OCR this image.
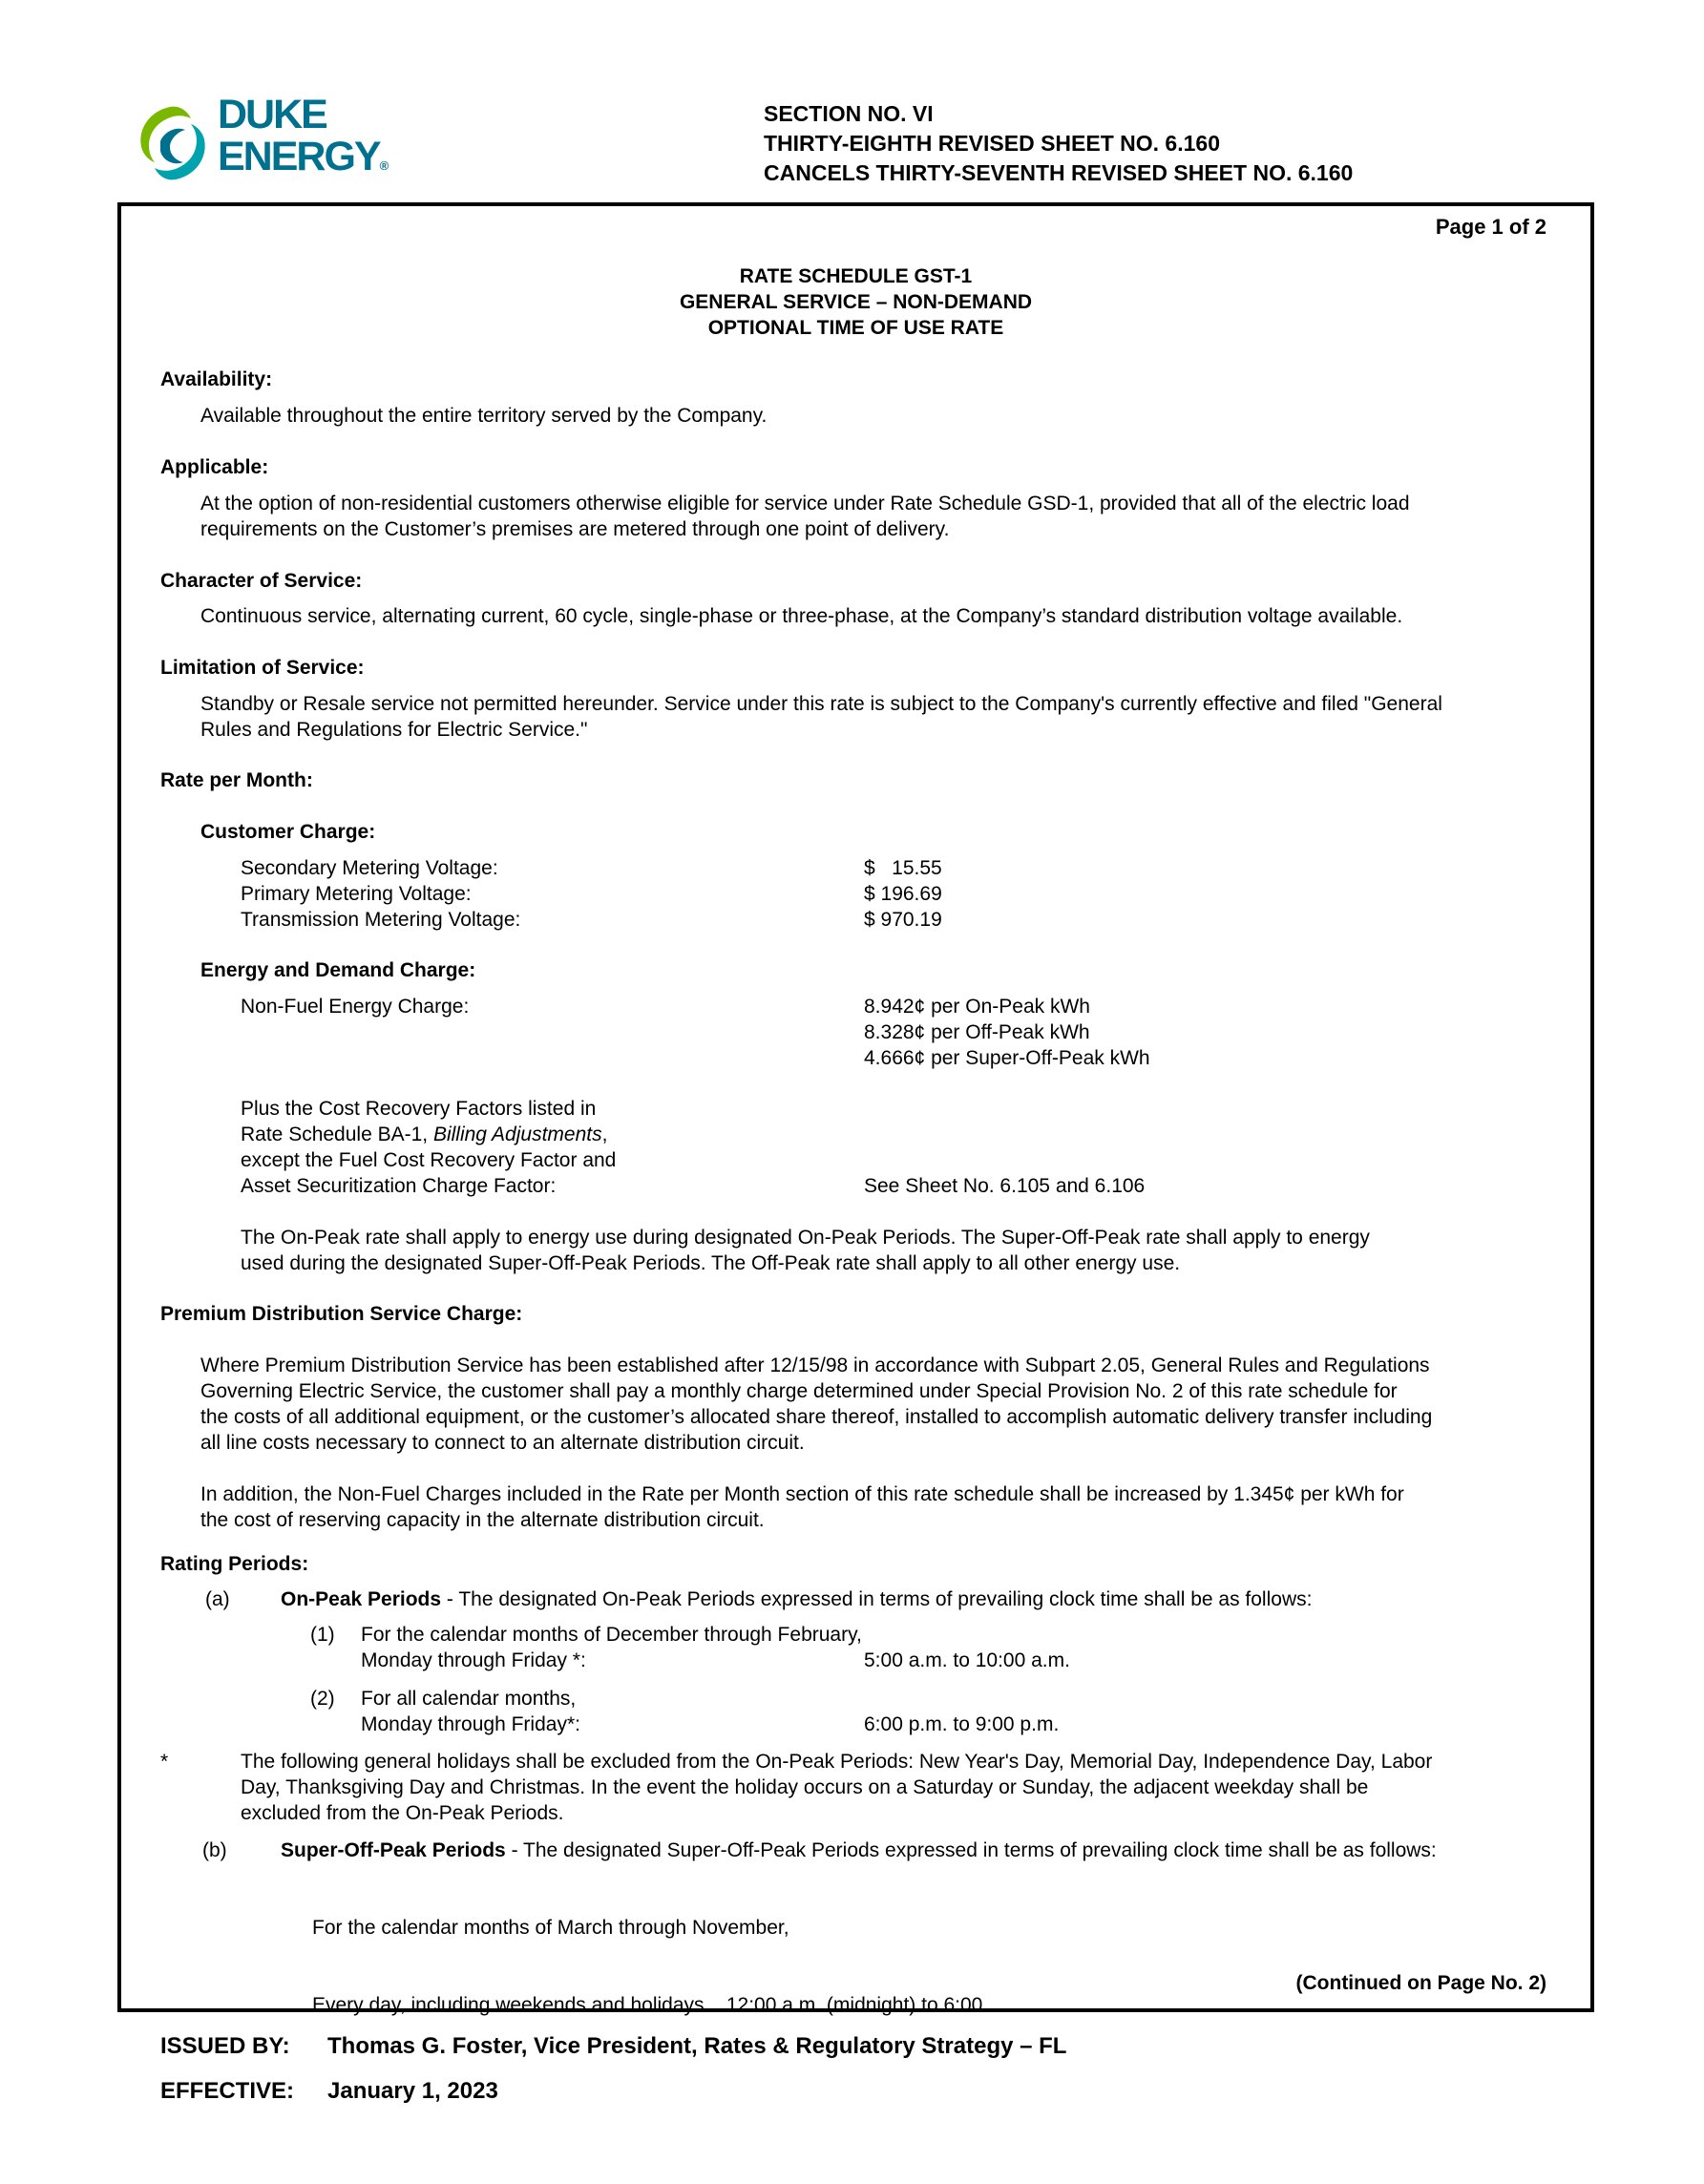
DUKE
ENERGY®
SECTION NO. VI
THIRTY-EIGHTH REVISED SHEET NO. 6.160
CANCELS THIRTY-SEVENTH REVISED SHEET NO. 6.160
Page 1 of 2
RATE SCHEDULE GST-1
GENERAL SERVICE – NON-DEMAND
OPTIONAL TIME OF USE RATE
Availability:
Available throughout the entire territory served by the Company.
Applicable:
At the option of non-residential customers otherwise eligible for service under Rate Schedule GSD-1, provided that all of the electric load
requirements on the Customer’s premises are metered through one point of delivery.
Character of Service:
Continuous service, alternating current, 60 cycle, single-phase or three-phase, at the Company’s standard distribution voltage available.
Limitation of Service:
Standby or Resale service not permitted hereunder. Service under this rate is subject to the Company's currently effective and filed "General
Rules and Regulations for Electric Service."
Rate per Month:
Customer Charge:
Secondary Metering Voltage:	$   15.55
Primary Metering Voltage:	$ 196.69
Transmission Metering Voltage:	$ 970.19
Energy and Demand Charge:
Non-Fuel Energy Charge:	8.942¢ per On-Peak kWh
8.328¢ per Off-Peak kWh
4.666¢ per Super-Off-Peak kWh
Plus the Cost Recovery Factors listed in
Rate Schedule BA-1, Billing Adjustments,
except the Fuel Cost Recovery Factor and
Asset Securitization Charge Factor:	See Sheet No. 6.105 and 6.106
The On-Peak rate shall apply to energy use during designated On-Peak Periods. The Super-Off-Peak rate shall apply to energy
used during the designated Super-Off-Peak Periods. The Off-Peak rate shall apply to all other energy use.
Premium Distribution Service Charge:
Where Premium Distribution Service has been established after 12/15/98 in accordance with Subpart 2.05, General Rules and Regulations
Governing Electric Service, the customer shall pay a monthly charge determined under Special Provision No. 2 of this rate schedule for
the costs of all additional equipment, or the customer’s allocated share thereof, installed to accomplish automatic delivery transfer including
all line costs necessary to connect to an alternate distribution circuit.
In addition, the Non-Fuel Charges included in the Rate per Month section of this rate schedule shall be increased by 1.345¢ per kWh for
the cost of reserving capacity in the alternate distribution circuit.
Rating Periods:
(a)	On-Peak Periods - The designated On-Peak Periods expressed in terms of prevailing clock time shall be as follows:
(1) For the calendar months of December through February,
Monday through Friday *:	5:00 a.m. to 10:00 a.m.
(2) For all calendar months,
Monday through Friday*:	6:00 p.m. to 9:00 p.m.
*	The following general holidays shall be excluded from the On-Peak Periods: New Year's Day, Memorial Day, Independence Day, Labor
Day, Thanksgiving Day and Christmas. In the event the holiday occurs on a Saturday or Sunday, the adjacent weekday shall be
excluded from the On-Peak Periods.
(b)	Super-Off-Peak Periods - The designated Super-Off-Peak Periods expressed in terms of prevailing clock time shall be as follows:

For the calendar months of March through November,

Every day, including weekends and holidays    12:00 a.m. (midnight) to 6:00

(Continued on Page No. 2)
ISSUED BY: Thomas G. Foster, Vice President, Rates & Regulatory Strategy – FL
EFFECTIVE: January 1, 2023
